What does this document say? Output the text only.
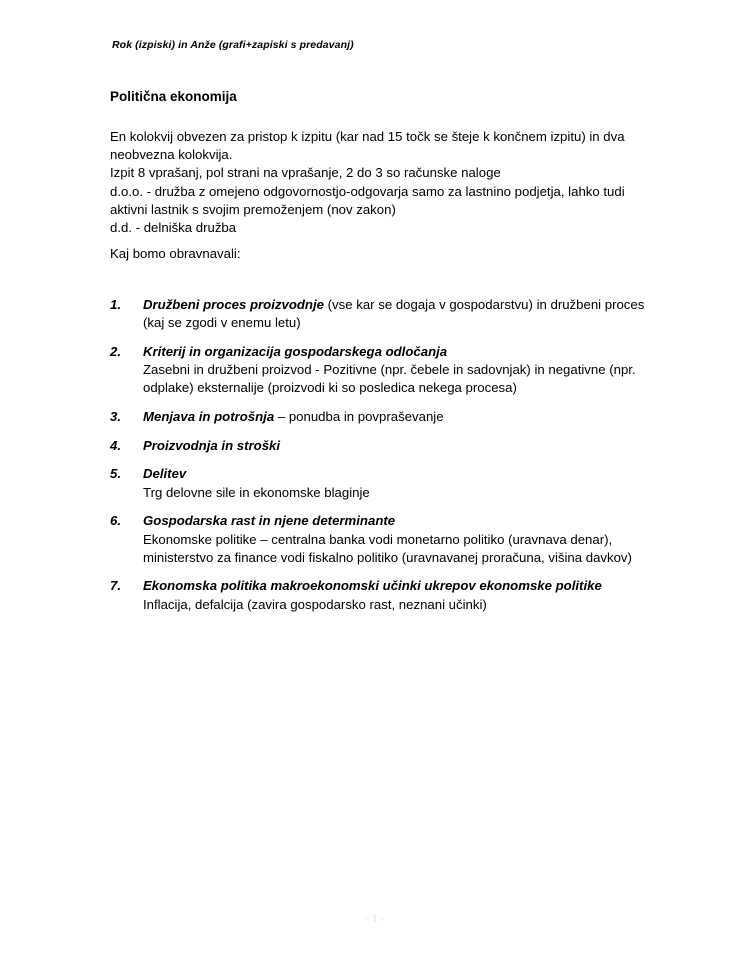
Rok (izpiski) in Anže (grafi+zapiski s predavanj)
Politična ekonomija

En kolokvij obvezen za pristop k izpitu (kar nad 15 točk se šteje k končnem izpitu) in dva

neobvezna kolokvija.

Izpit 8 vprašanj, pol strani na vprašanje, 2 do 3 so računske naloge

d.o.o. - družba z omejeno odgovornostjo-odgovarja samo za lastnino podjetja, lahko tudi

aktivni lastnik s svojim premoženjem (nov zakon)

d.d. - delniška družba

Kaj bomo obravnavali:

1.	Družbeni proces proizvodnje (vse kar se dogaja v gospodarstvu) in družbeni proces (kaj se zgodi v enemu letu)
2.	Kriterij in organizacija gospodarskega odločanja
Zasebni in družbeni proizvod - Pozitivne (npr. čebele in sadovnjak) in negativne (npr. odplake) eksternalije (proizvodi ki so posledica nekega procesa)
3.	Menjava in potrošnja – ponudba in povpraševanje
4.	Proizvodnja in stroški
5.	Delitev
Trg delovne sile in ekonomske blaginje
6.	Gospodarska rast in njene determinante
Ekonomske politike – centralna banka vodi monetarno politiko (uravnava denar), ministerstvo za finance vodi fiskalno politiko (uravnavanej proračuna, višina davkov)
7.	Ekonomska politika makroekonomski učinki ukrepov ekonomske politike
Inflacija, defalcija (zavira gospodarsko rast, neznani učinki)
- 1 -
